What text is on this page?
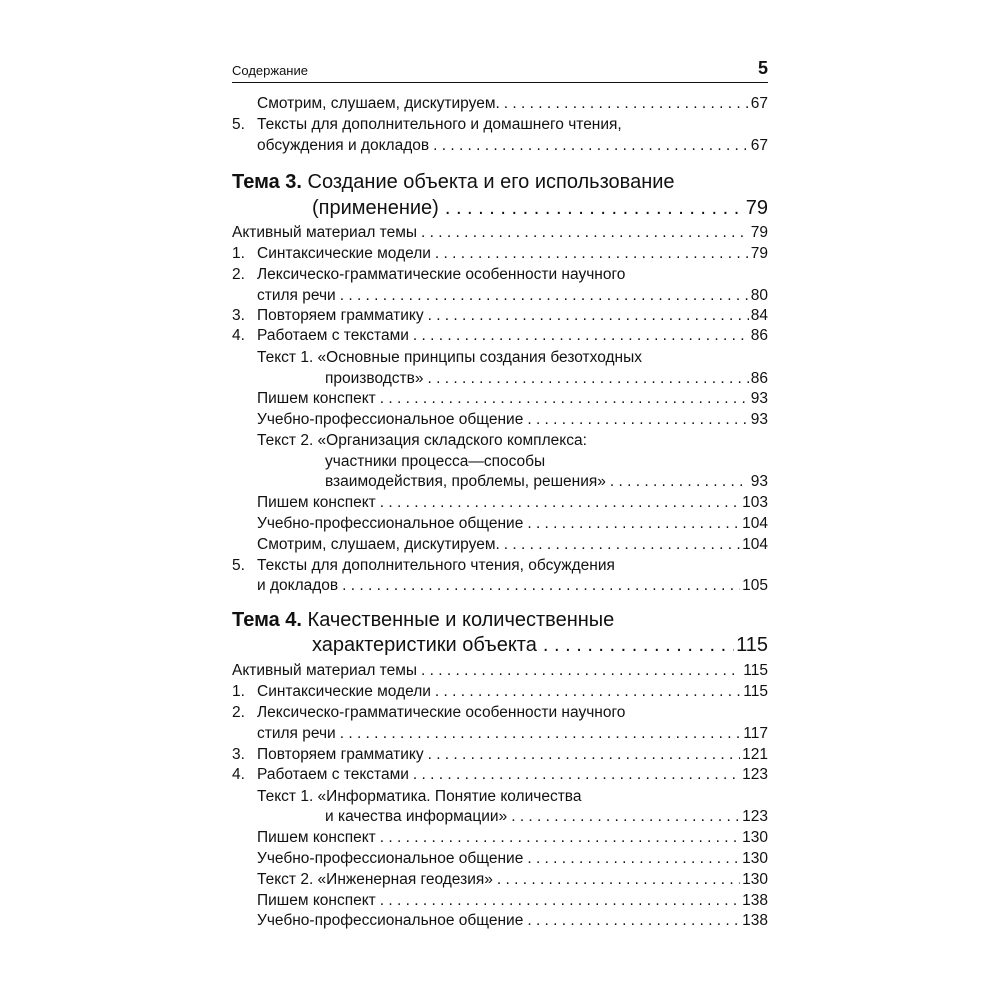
Содержание	5
Смотрим, слушаем, дискутируем. . . .	67
5. Тексты для дополнительного и домашнего чтения,
обсуждения и докладов . . .	67
Тема 3. Создание объекта и его использование
(применение) . . .	79
Активный материал темы . . .	79
1. Синтаксические модели . . .	79
2. Лексическо-грамматические особенности научного
стиля речи . . .	80
3. Повторяем грамматику . . .	84
4. Работаем с текстами . . .	86
Текст 1. «Основные принципы создания безотходных
производств» . . .	86
Пишем конспект . . .	93
Учебно-профессиональное общение . . .	93
Текст 2. «Организация складского комплекса:
участники процесса—способы
взаимодействия, проблемы, решения» . . .	93
Пишем конспект . . .	103
Учебно-профессиональное общение . . .	104
Смотрим, слушаем, дискутируем. . . .	104
5. Тексты для дополнительного чтения, обсуждения
и докладов . . .	105
Тема 4. Качественные и количественные
характеристики объекта . . .	115
Активный материал темы . . .	115
1. Синтаксические модели . . .	115
2. Лексическо-грамматические особенности научного
стиля речи . . .	117
3. Повторяем грамматику . . .	121
4. Работаем с текстами . . .	123
Текст 1. «Информатика. Понятие количества
и качества информации» . . .	123
Пишем конспект . . .	130
Учебно-профессиональное общение . . .	130
Текст 2. «Инженерная геодезия» . . .	130
Пишем конспект . . .	138
Учебно-профессиональное общение . . .	138
